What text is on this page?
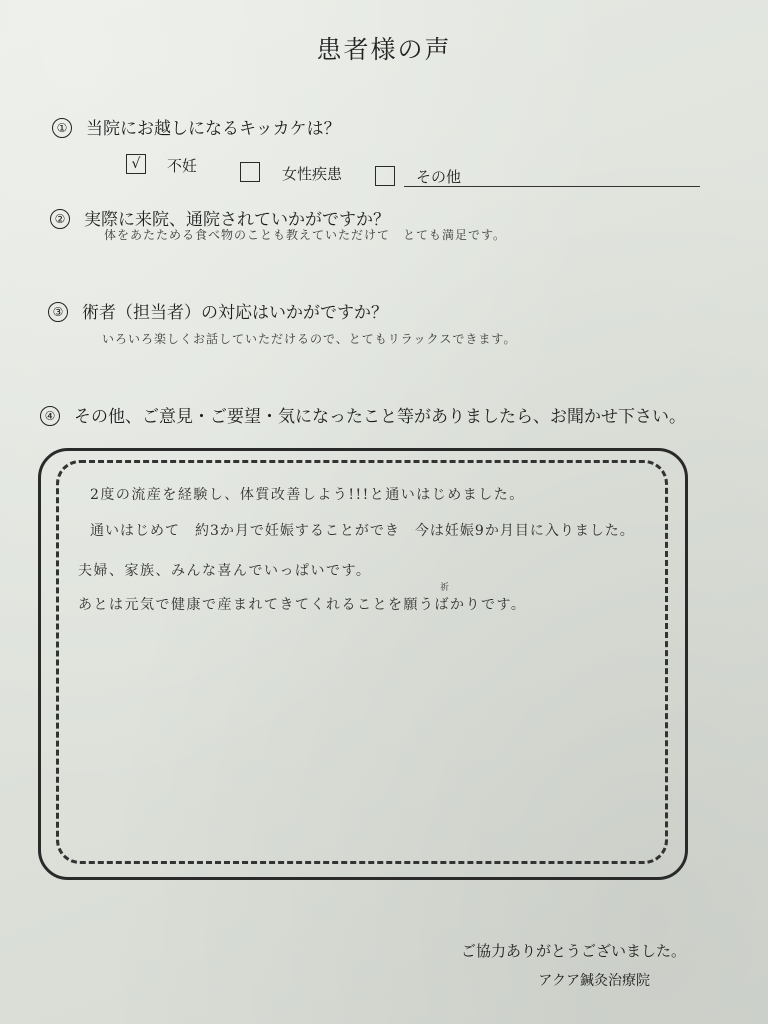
患者様の声
① 当院にお越しになるキッカケは？
√	不妊	女性疾患	その他
② 実際に来院、通院されていかがですか？
体をあたためる食べ物のことも教えていただけて　とても満足です。
③ 術者（担当者）の対応はいかがですか？
いろいろ楽しくお話していただけるので、とてもリラックスできます。
④ その他、ご意見・ご要望・気になったこと等がありましたら、お聞かせ下さい。
2度の流産を経験し、体質改善しよう!!!と通いはじめました。
通いはじめて　約3か月で妊娠することができ　今は妊娠9か月目に入りました。
夫婦、家族、みんな喜んでいっぱいです。
祈
あとは元気で健康で産まれてきてくれることを願うばかりです。
ご協力ありがとうございました。
アクア鍼灸治療院
